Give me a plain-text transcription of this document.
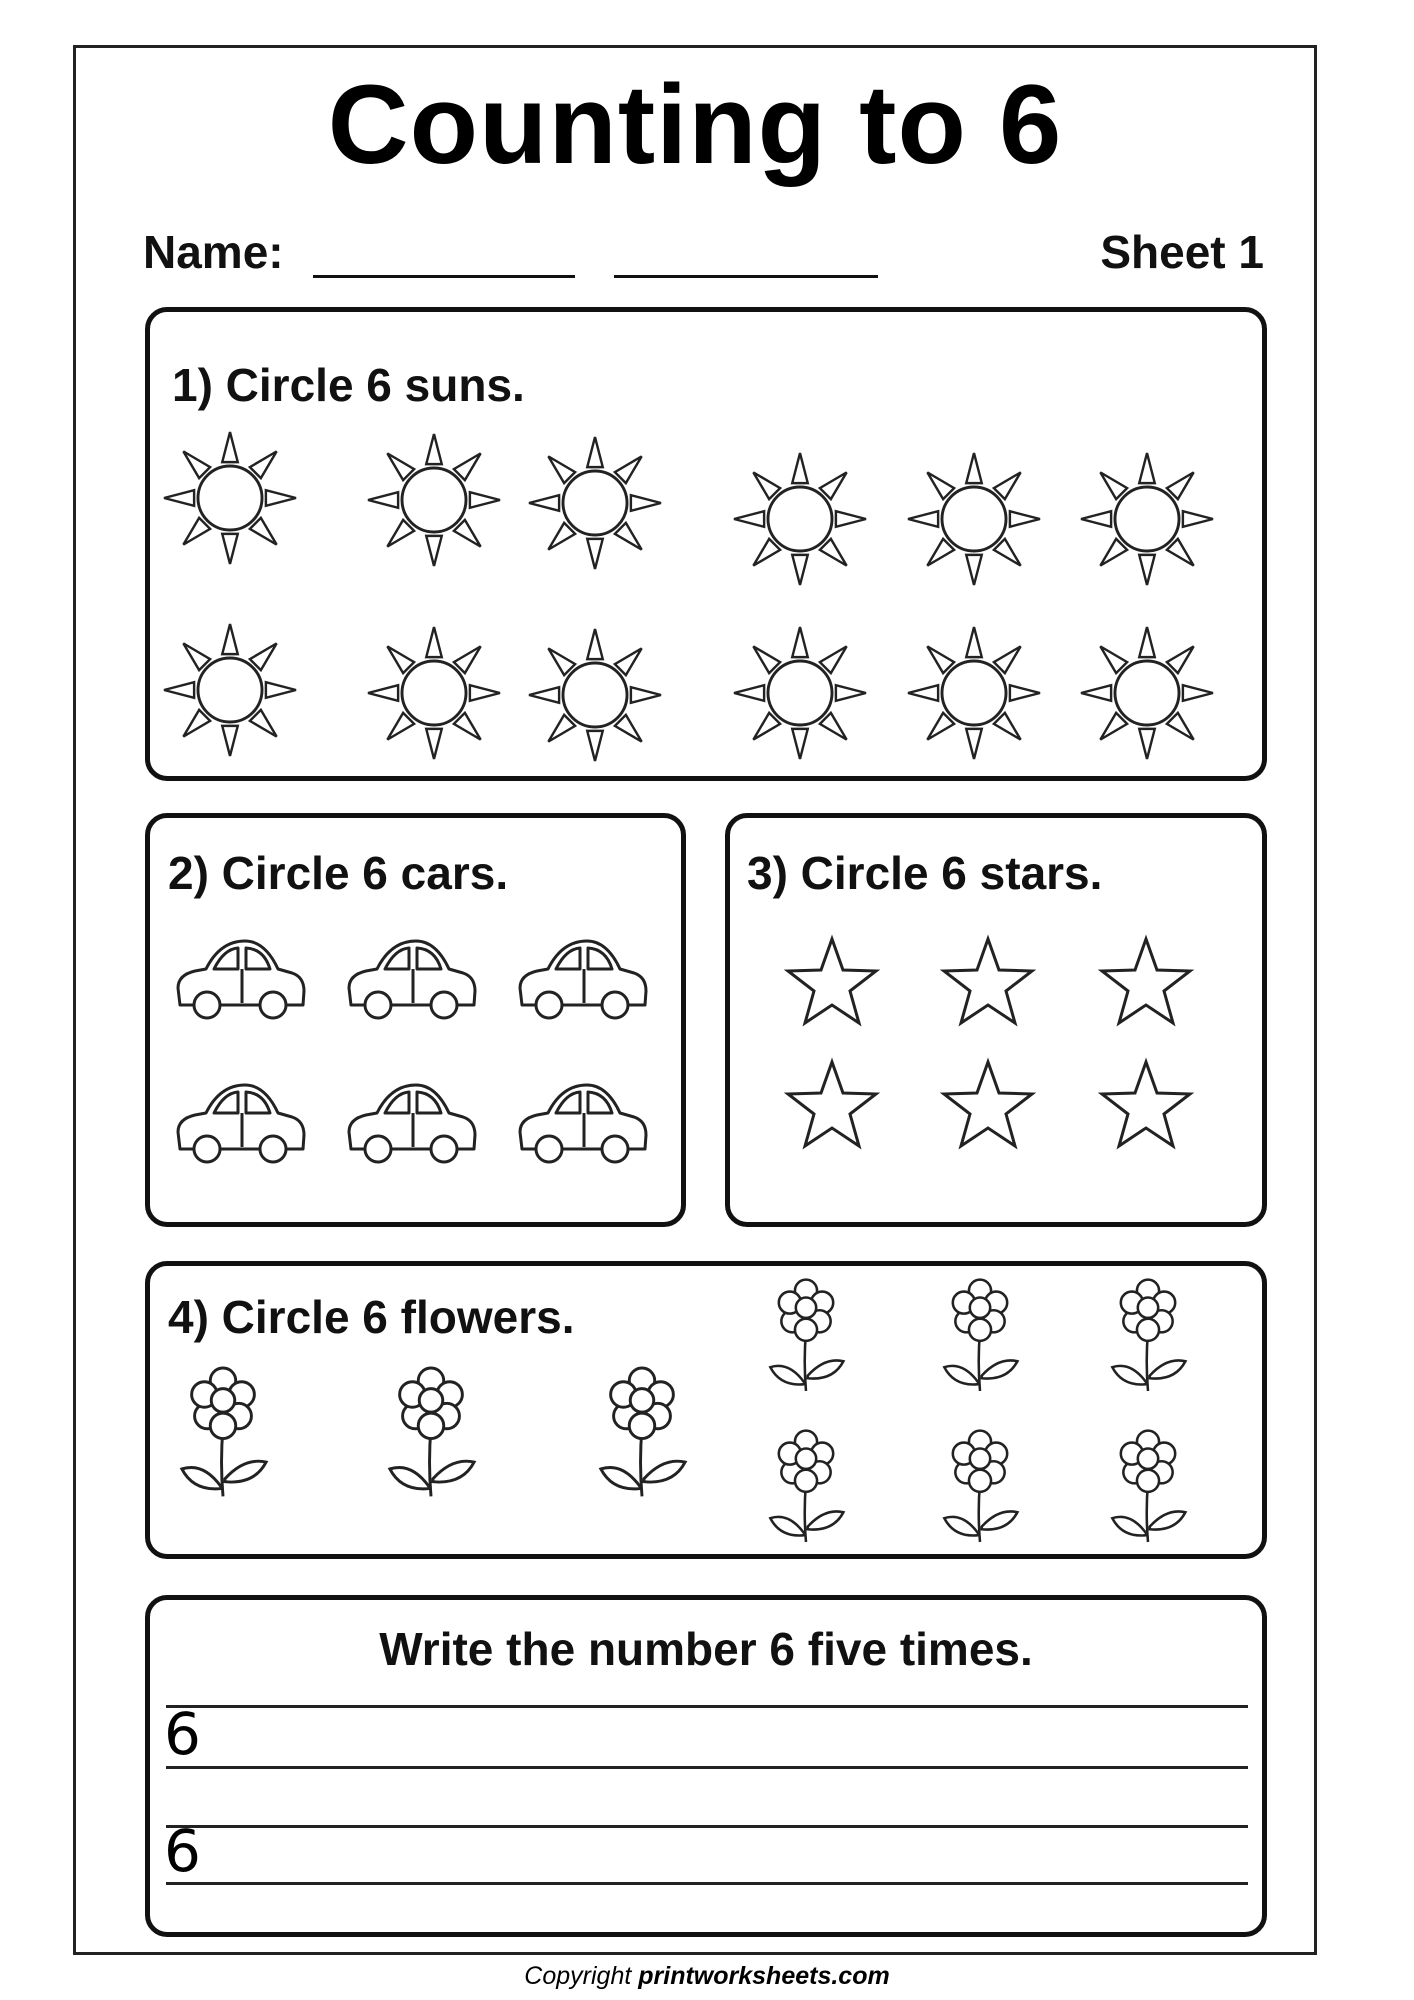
Counting to 6
Name:	Sheet 1
1) Circle 6 suns.
2) Circle 6 cars.	3) Circle 6 stars.
4) Circle 6 flowers.
Write the number 6 five times.
6
6
Copyright printworksheets.com
